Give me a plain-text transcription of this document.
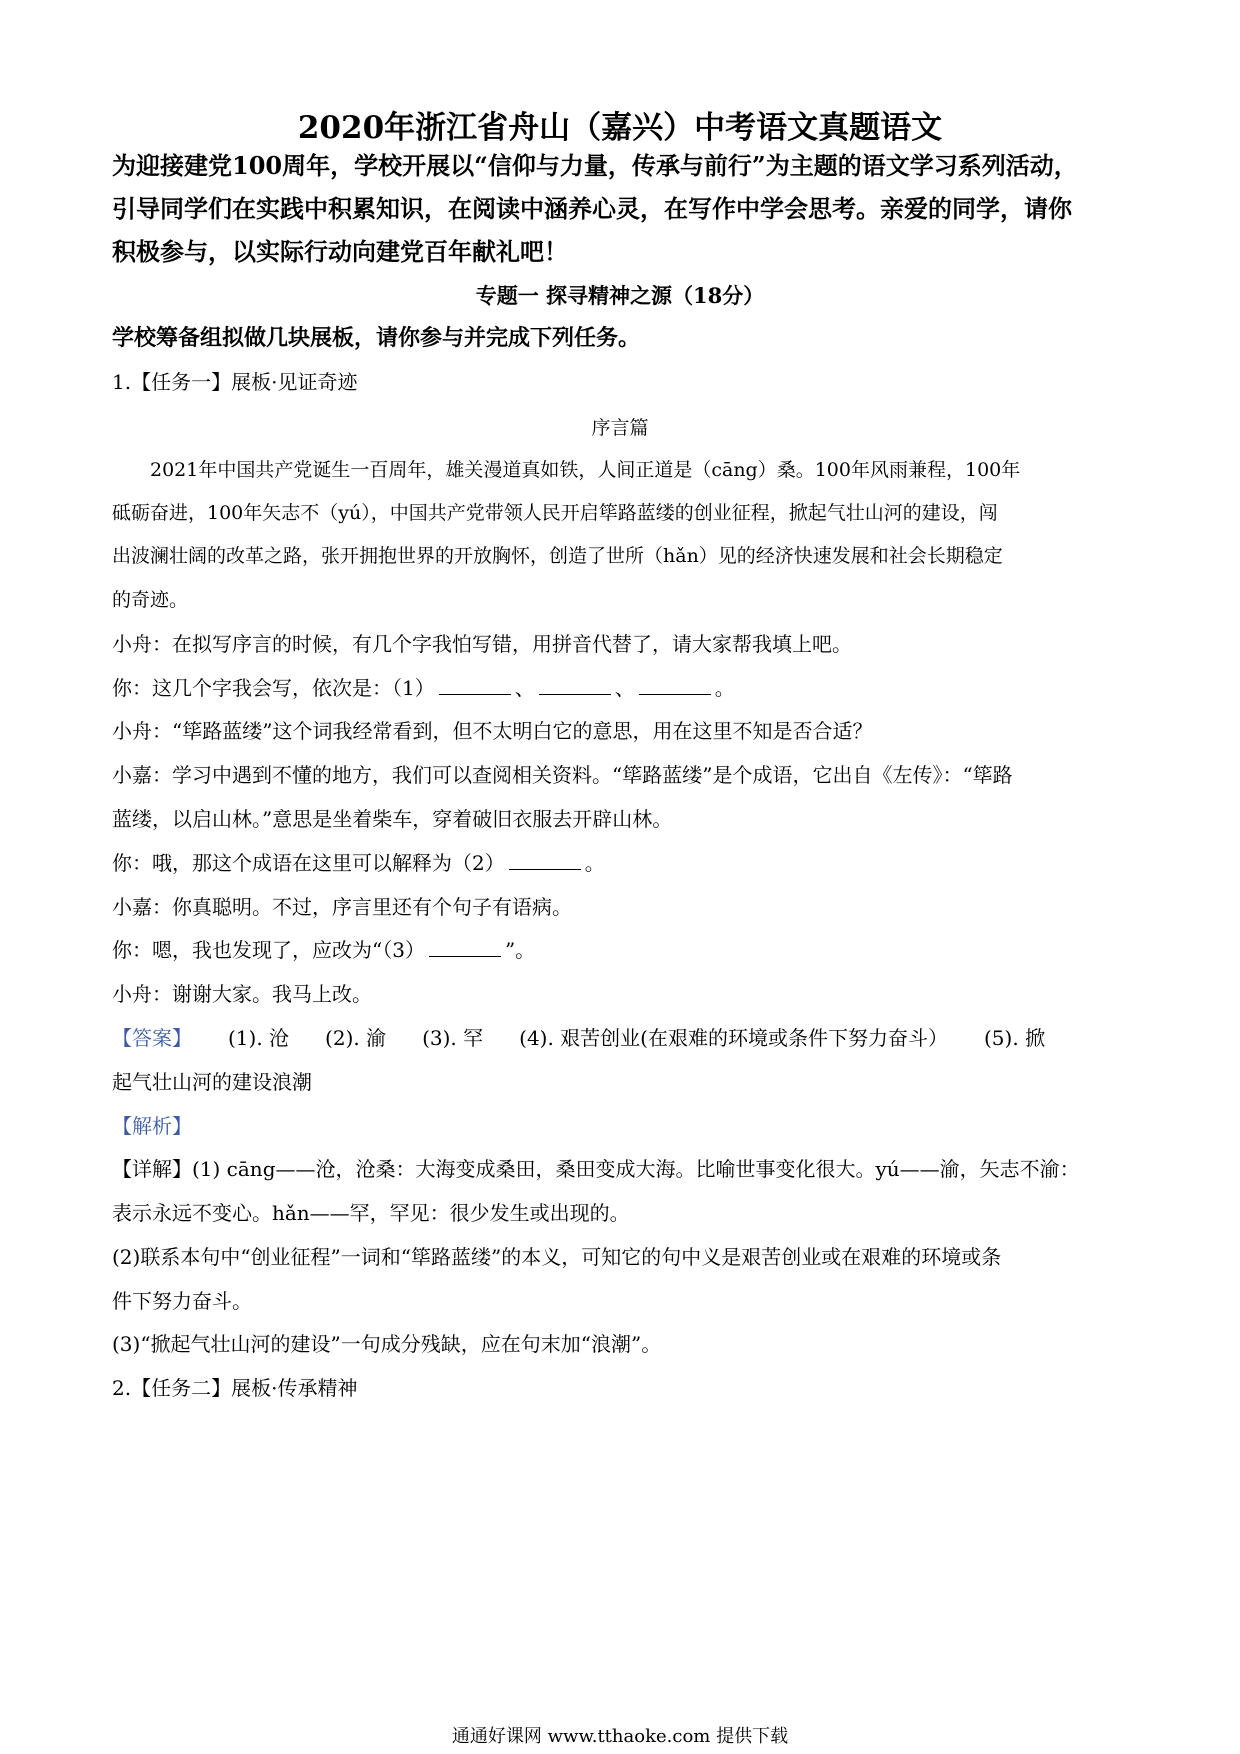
2020年浙江省舟山（嘉兴）中考语文真题语文
为迎接建党100周年，学校开展以“信仰与力量，传承与前行”为主题的语文学习系列活动，
引导同学们在实践中积累知识，在阅读中涵养心灵，在写作中学会思考。亲爱的同学，请你
积极参与，以实际行动向建党百年献礼吧！
专题一 探寻精神之源（18分）
学校筹备组拟做几块展板，请你参与并完成下列任务。
1.【任务一】展板·见证奇迹
序言篇
2021年中国共产党诞生一百周年，雄关漫道真如铁，人间正道是（cāng）桑。100年风雨兼程，100年
砥砺奋进，100年矢志不（yú），中国共产党带领人民开启筚路蓝缕的创业征程，掀起气壮山河的建设，闯
出波澜壮阔的改革之路，张开拥抱世界的开放胸怀，创造了世所（hǎn）见的经济快速发展和社会长期稳定
的奇迹。
小舟：在拟写序言的时候，有几个字我怕写错，用拼音代替了，请大家帮我填上吧。
你：这几个字我会写，依次是：（1）	、	、	。
小舟：“筚路蓝缕”这个词我经常看到，但不太明白它的意思，用在这里不知是否合适？
小嘉：学习中遇到不懂的地方，我们可以查阅相关资料。“筚路蓝缕”是个成语，它出自《左传》：“筚路
蓝缕，以启山林。”意思是坐着柴车，穿着破旧衣服去开辟山林。
你：哦，那这个成语在这里可以解释为（2）	。
小嘉：你真聪明。不过，序言里还有个句子有语病。
你：嗯，我也发现了，应改为“（3）	”。
小舟：谢谢大家。我马上改。
【答案】 (1). 沧 (2). 渝 (3). 罕 (4). 艰苦创业(在艰难的环境或条件下努力奋斗） (5). 掀
起气壮山河的建设浪潮
【解析】
【详解】(1) cāng——沧，沧桑：大海变成桑田，桑田变成大海。比喻世事变化很大。yú——渝，矢志不渝：
表示永远不变心。hǎn——罕，罕见：很少发生或出现的。
(2)联系本句中“创业征程”一词和“筚路蓝缕”的本义，可知它的句中义是艰苦创业或在艰难的环境或条
件下努力奋斗。
(3)“掀起气壮山河的建设”一句成分残缺，应在句末加“浪潮”。
2.【任务二】展板·传承精神
通通好课网 www.tthaoke.com 提供下载
